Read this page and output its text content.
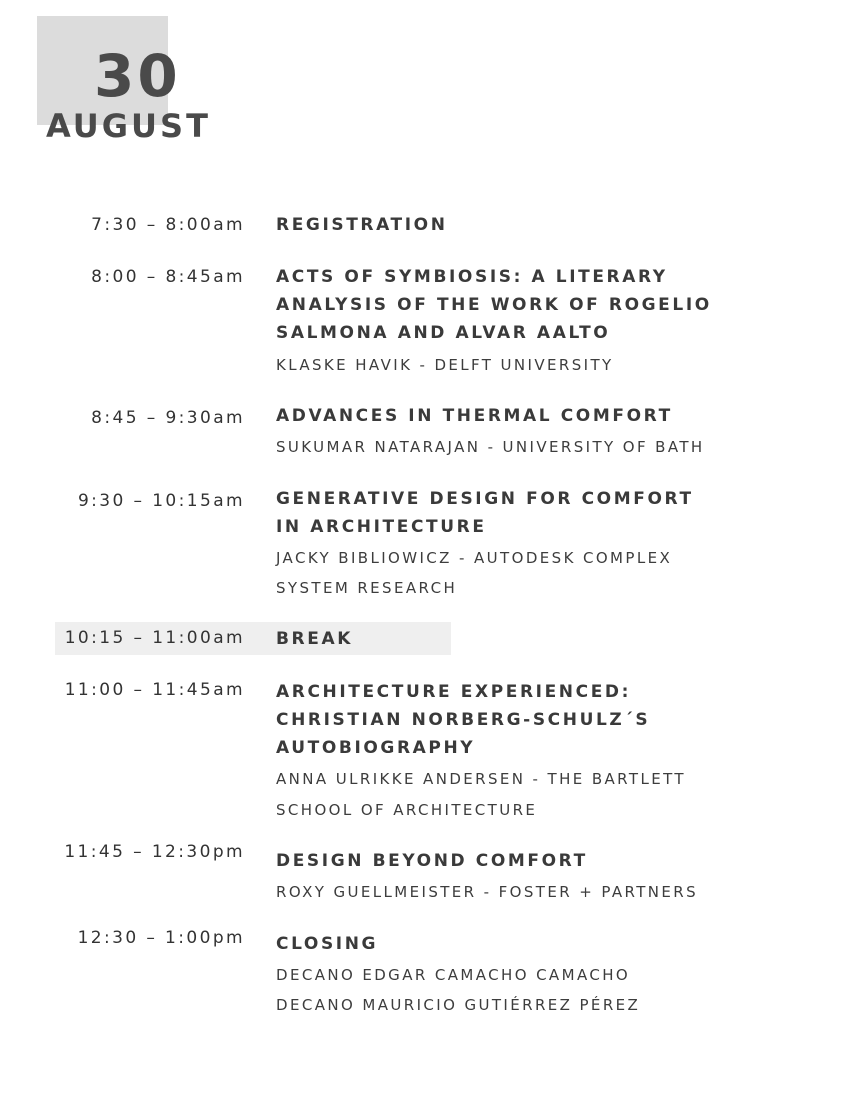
30
AUGUST
7:30 – 8:00am REGISTRATION
8:00 – 8:45am ACTS OF SYMBIOSIS: A LITERARY
ANALYSIS OF THE WORK OF ROGELIO
SALMONA AND ALVAR AALTO
KLASKE HAVIK - DELFT UNIVERSITY
8:45 – 9:30am ADVANCES IN THERMAL COMFORT
SUKUMAR NATARAJAN - UNIVERSITY OF BATH
9:30 – 10:15am GENERATIVE DESIGN FOR COMFORT
IN ARCHITECTURE
JACKY BIBLIOWICZ - AUTODESK COMPLEX
SYSTEM RESEARCH
10:15 – 11:00am BREAK
11:00 – 11:45am ARCHITECTURE EXPERIENCED:
CHRISTIAN NORBERG-SCHULZ´S
AUTOBIOGRAPHY
ANNA ULRIKKE ANDERSEN - THE BARTLETT
SCHOOL OF ARCHITECTURE
11:45 – 12:30pm DESIGN BEYOND COMFORT
ROXY GUELLMEISTER - FOSTER + PARTNERS
12:30 – 1:00pm CLOSING
DECANO EDGAR CAMACHO CAMACHO
DECANO MAURICIO GUTIÉRREZ PÉREZ
